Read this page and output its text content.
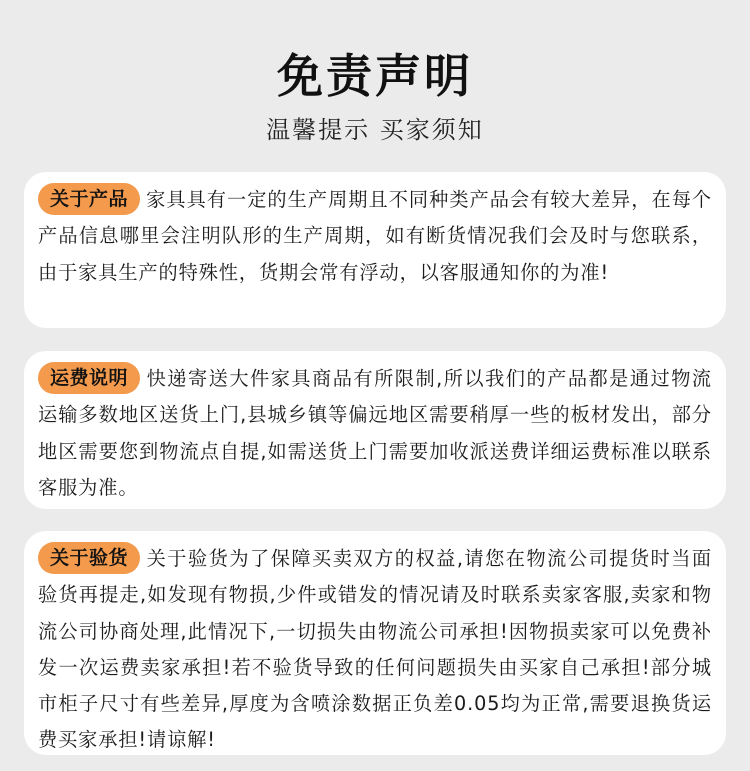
免责声明
温馨提示 买家须知

关于产品 家具具有一定的生产周期且不同种类产品会有较大差异，在每个产品信息哪里会注明队形的生产周期，如有断货情况我们会及时与您联系，由于家具生产的特殊性，货期会常有浮动，以客服通知你的为准!

运费说明 快递寄送大件家具商品有所限制,所以我们的产品都是通过物流运输多数地区送货上门,县城乡镇等偏远地区需要稍厚一些的板材发出，部分地区需要您到物流点自提,如需送货上门需要加收派送费详细运费标准以联系客服为准。

关于验货 关于验货为了保障买卖双方的权益,请您在物流公司提货时当面验货再提走,如发现有物损,少件或错发的情况请及时联系卖家客服,卖家和物流公司协商处理,此情况下,一切损失由物流公司承担!因物损卖家可以免费补发一次运费卖家承担!若不验货导致的任何问题损失由买家自己承担!部分城市柜子尺寸有些差异,厚度为含喷涂数据正负差0.05均为正常,需要退换货运费买家承担!请谅解!
